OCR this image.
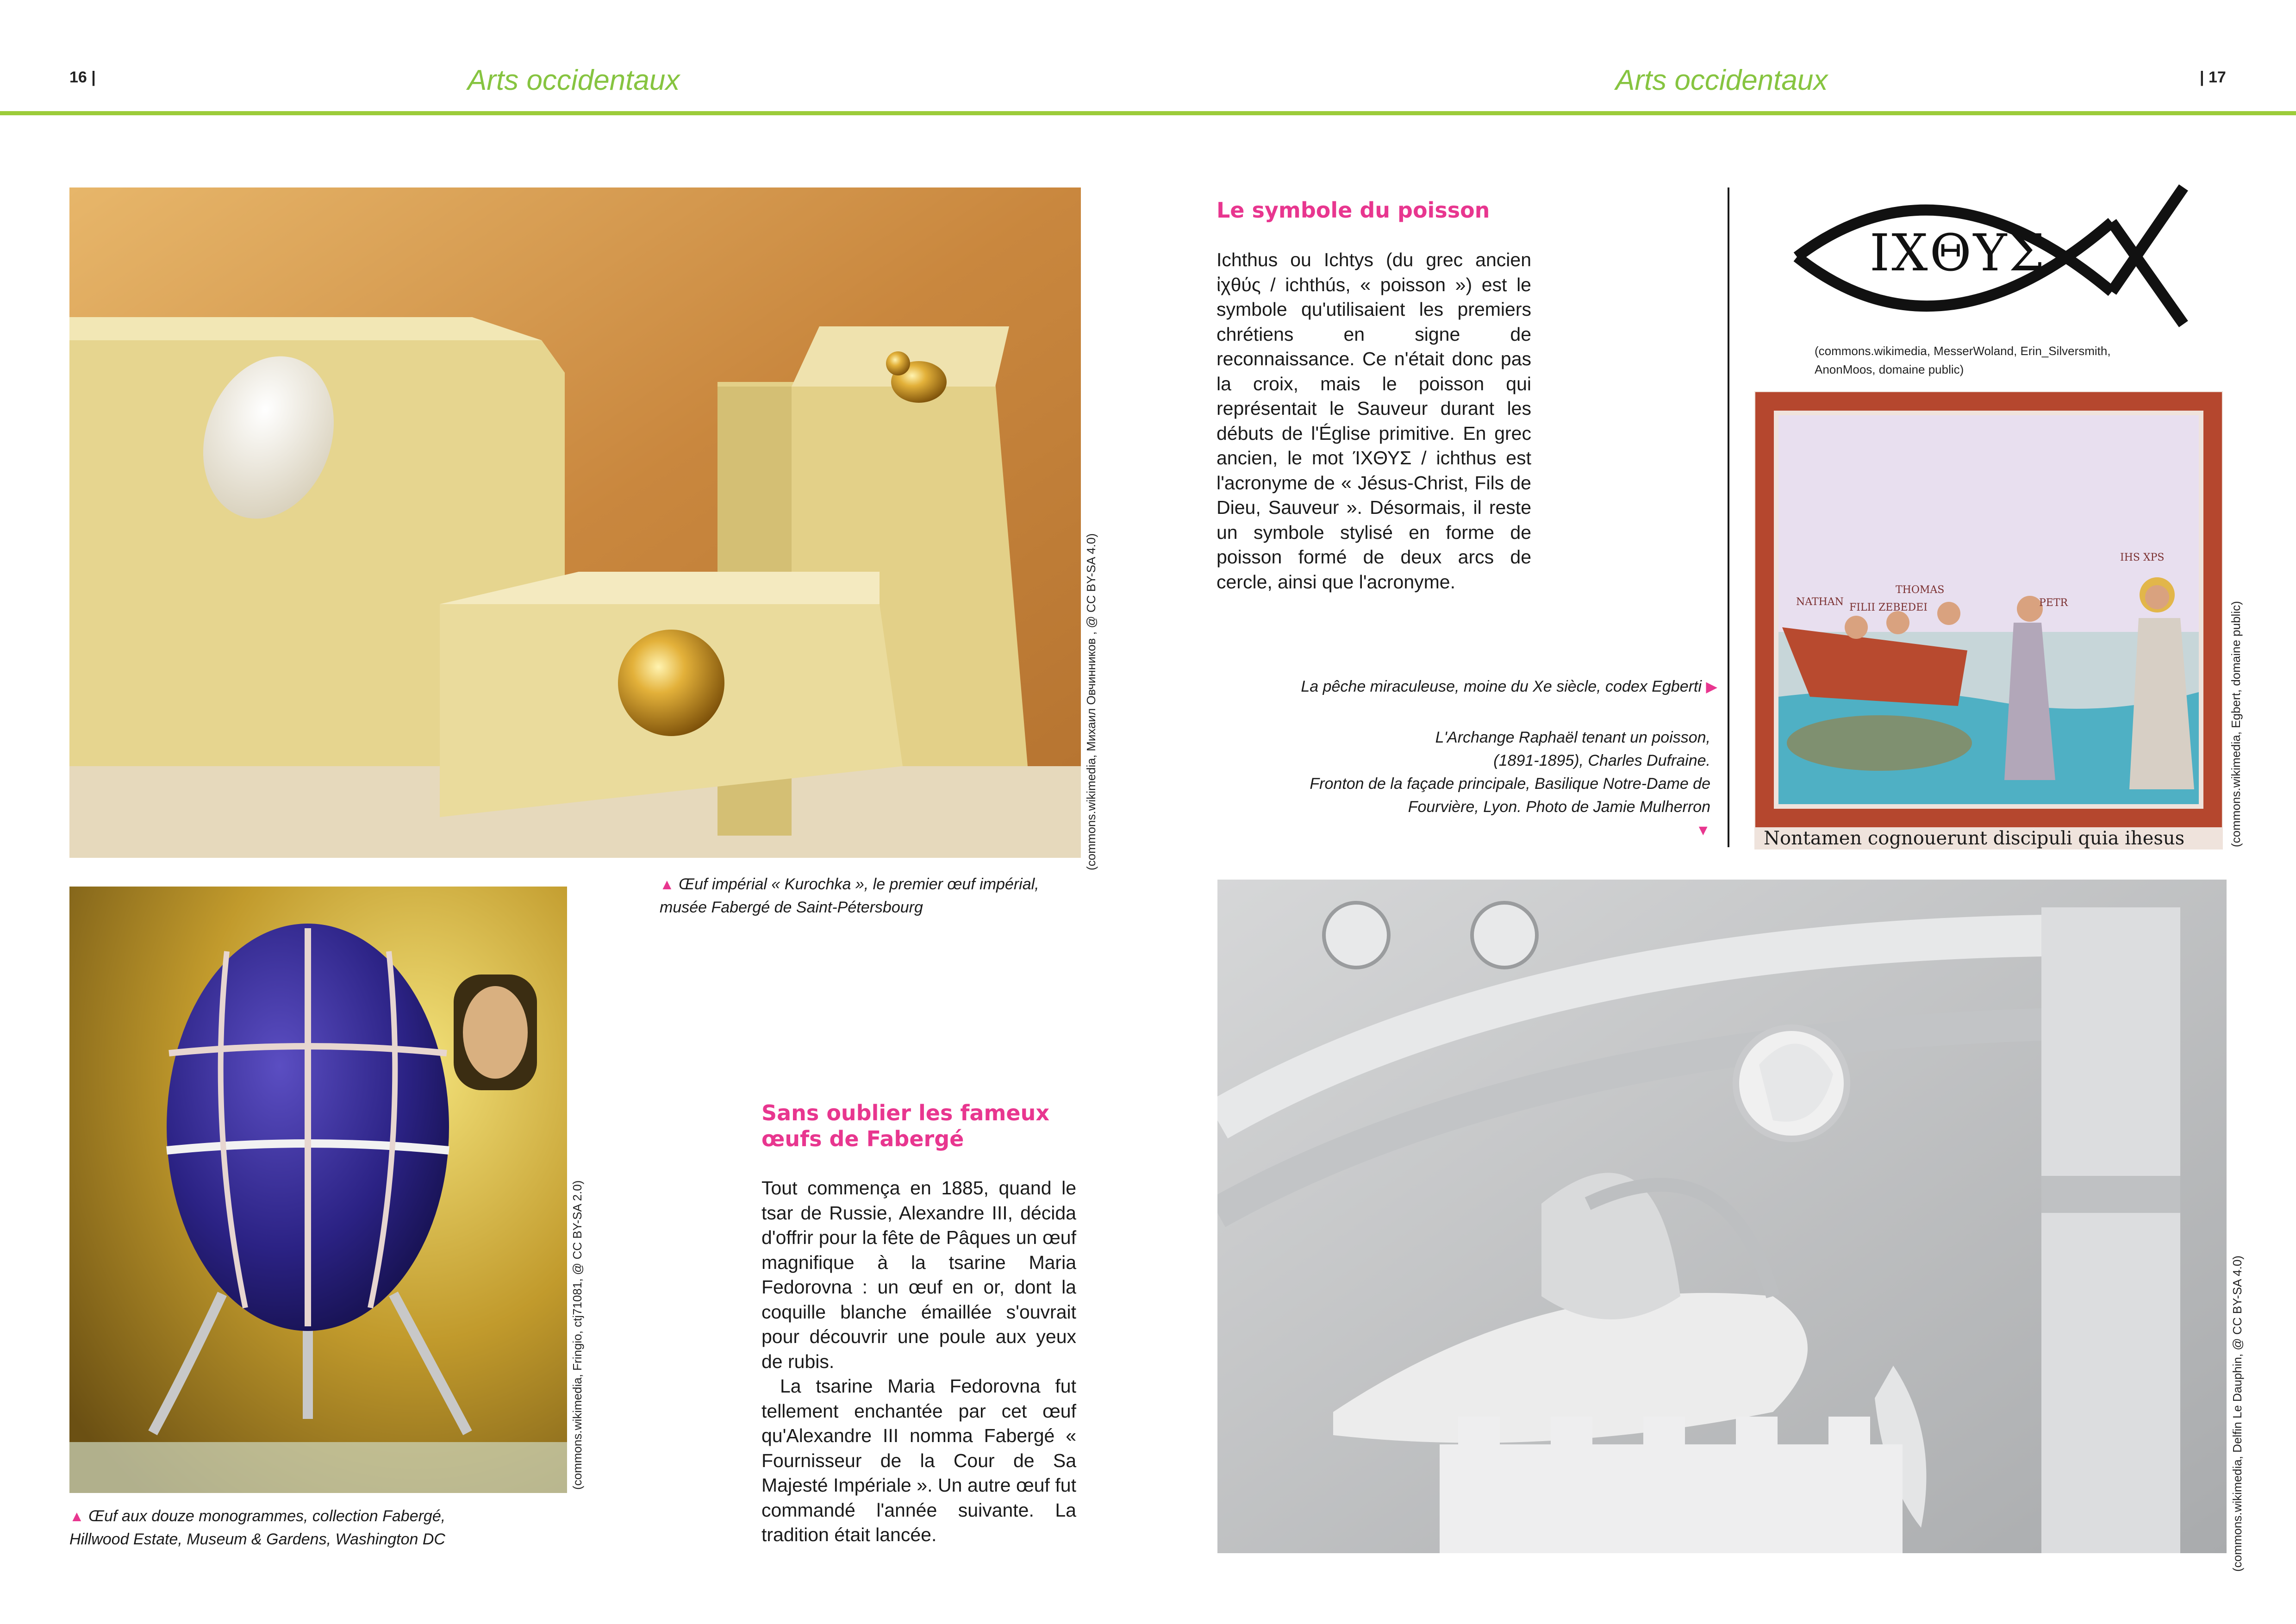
16 |	Arts occidentaux	Arts occidentaux	| 17
(commons.wikimedia, Михаил Овчинников , @ CC BY-SA 4.0)
(commons.wikimedia, Fringio, ctj71081, @ CC BY-SA 2.0)
▲ Œuf impérial « Kurochka », le premier œuf impérial, musée Fabergé de Saint-Pétersbourg
▲ Œuf aux douze monogrammes, collection Fabergé,
Hillwood Estate, Museum & Gardens, Washington DC
Sans oublier les fameux
œufs de Fabergé

Tout commença en 1885, quand le tsar de Russie, Alexandre III, décida d'offrir pour la fête de Pâques un œuf magnifique à la tsarine Maria Fedorovna : un œuf en or, dont la coquille blanche émaillée s'ouvrait pour découvrir une poule aux yeux de rubis.

La tsarine Maria Fedorovna fut tellement enchantée par cet œuf qu'Alexandre III nomma Fabergé « Fournisseur de la Cour de Sa Majesté Impériale ». Un autre œuf fut commandé l'année suivante. La tradition était lancée.

Le symbole du poisson
Ichthus ou Ichtys (du grec ancien ἰχθύς / ichthús, « poisson ») est le symbole qu'utilisaient les premiers chrétiens en signe de reconnaissance. Ce n'était donc pas la croix, mais le poisson qui représentait le Sauveur durant les débuts de l'Église primitive. En grec ancien, le mot ΊΧΘΥΣ / ichthus est l'acronyme de « Jésus-Christ, Fils de Dieu, Sauveur ». Désormais, il reste un symbole stylisé en forme de poisson formé de deux arcs de cercle, ainsi que l'acronyme.
ΙΧΘΥΣ
(commons.wikimedia, MesserWoland, Erin_Silversmith,
AnonMoos, domaine public)
Nontamen cognouerunt discipuli quia ihesus
NATHAN
THOMAS
FILII ZEBEDEI	PETR
IHS XPS
(commons.wikimedia, Egbert, domaine public)
La pêche miraculeuse, moine du Xe siècle, codex Egberti ▶
L'Archange Raphaël tenant un poisson,
(1891-1895), Charles Dufraine.
Fronton de la façade principale, Basilique Notre-Dame de
Fourvière, Lyon. Photo de Jamie Mulherron
▼
(commons.wikimedia, Delfin Le Dauphin, @ CC BY-SA 4.0)
